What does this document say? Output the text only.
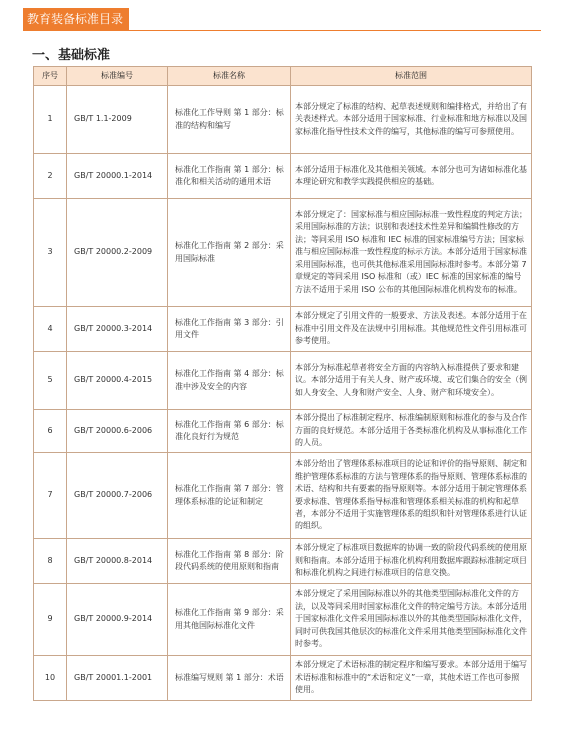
教育装备标准目录
一、基础标准
序号	标准编号	标准名称	标准范围
1	GB/T 1.1-2009	标准化工作导则 第 1 部分：标准的结构和编写	本部分规定了标准的结构、起草表述规则和编排格式，并给出了有关表述样式。本部分适用于国家标准、行业标准和地方标准以及国家标准化指导性技术文件的编写，其他标准的编写可参照使用。
2	GB/T 20000.1-2014	标准化工作指南 第 1 部分：标准化和相关活动的通用术语	本部分适用于标准化及其他相关领域。本部分也可为诸如标准化基本理论研究和教学实践提供相应的基础。
3	GB/T 20000.2-2009	标准化工作指南 第 2 部分：采用国际标准	本部分规定了：国家标准与相应国际标准一致性程度的判定方法；采用国际标准的方法；识别和表述技术性差异和编辑性修改的方法；等同采用 ISO 标准和 IEC 标准的国家标准编号方法；国家标准与相应国际标准一致性程度的标示方法。本部分适用于国家标准采用国际标准，也可供其他标准采用国际标准时参考。本部分第 7 章规定的等同采用 ISO 标准和（或）IEC 标准的国家标准的编号方法不适用于采用 ISO 公布的其他国际标准化机构发布的标准。
4	GB/T 20000.3-2014	标准化工作指南 第 3 部分：引用文件	本部分规定了引用文件的一般要求、方法及表述。本部分适用于在标准中引用文件及在法规中引用标准。其他规范性文件引用标准可参考使用。
5	GB/T 20000.4-2015	标准化工作指南 第 4 部分：标准中涉及安全的内容	本部分为标准起草者将安全方面的内容纳入标准提供了要求和建议。本部分适用于有关人身、财产或环境、或它们集合的安全（例如人身安全、人身和财产安全、人身、财产和环境安全）。
6	GB/T 20000.6-2006	标准化工作指南 第 6 部分：标准化良好行为规范	本部分提出了标准制定程序、标准编制原则和标准化的参与及合作方面的良好规范。本部分适用于各类标准化机构及从事标准化工作的人员。
7	GB/T 20000.7-2006	标准化工作指南 第 7 部分：管理体系标准的论证和制定	本部分给出了管理体系标准项目的论证和评价的指导原则、制定和维护管理体系标准的方法与管理体系的指导原则、管理体系标准的术语、结构和共有要素的指导原则等。本部分适用于制定管理体系要求标准、管理体系指导标准和管理体系相关标准的机构和起草者，本部分不适用于实施管理体系的组织和针对管理体系进行认证的组织。
8	GB/T 20000.8-2014	标准化工作指南 第 8 部分：阶段代码系统的使用原则和指南	本部分规定了标准项目数据库的协调一致的阶段代码系统的使用原则和指南。本部分适用于标准化机构利用数据库跟踪标准制定项目和标准化机构之间进行标准项目的信息交换。
9	GB/T 20000.9-2014	标准化工作指南 第 9 部分：采用其他国际标准化文件	本部分规定了采用国际标准以外的其他类型国际标准化文件的方法，以及等同采用时国家标准化文件的特定编号方法。本部分适用于国家标准化文件采用国际标准以外的其他类型国际标准化文件，同时可供我国其他层次的标准化文件采用其他类型国际标准化文件时参考。
10	GB/T 20001.1-2001	标准编写规则 第 1 部分：术语	本部分规定了术语标准的制定程序和编写要求。本部分适用于编写术语标准和标准中的“术语和定义”一章，其他术语工作也可参照使用。
